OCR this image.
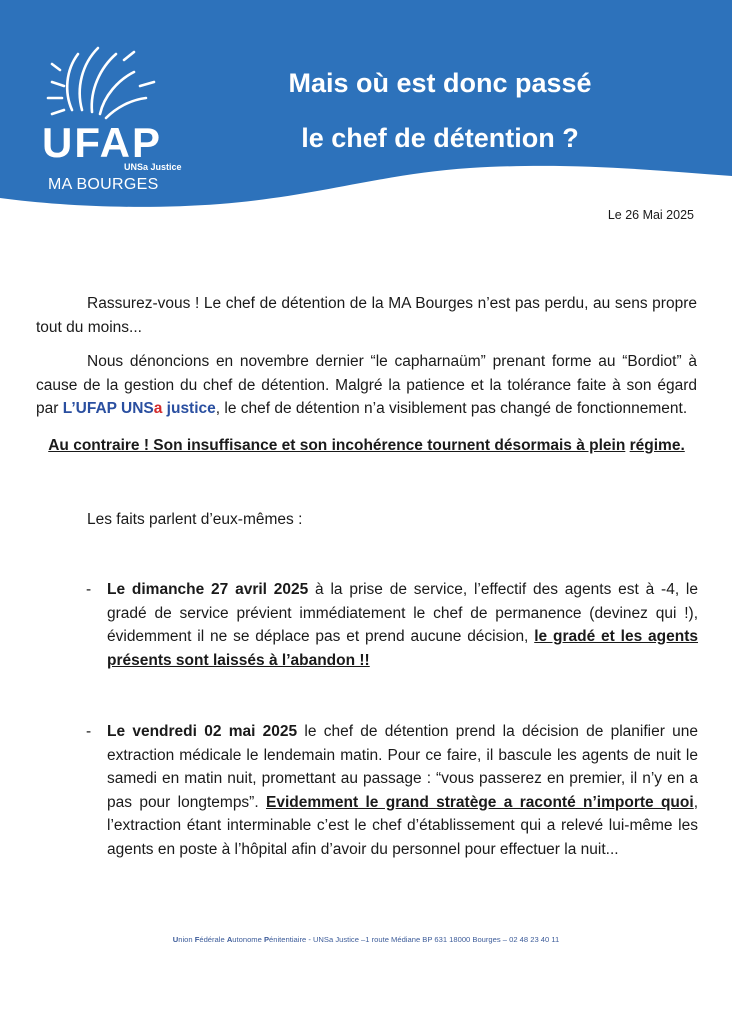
UFAP
UNSa Justice
MA BOURGES
Mais où est donc passé
le chef de détention ?
Le 26 Mai 2025

Rassurez-vous ! Le chef de détention de la MA Bourges n’est pas perdu, au sens propre tout du moins...

Nous dénoncions en novembre dernier “le capharnaüm” prenant forme au “Bordiot” à cause de la gestion du chef de détention. Malgré la patience et la tolérance faite à son égard par L’UFAP UNSa justice, le chef de détention n’a visiblement pas changé de fonctionnement.

Au contraire ! Son insuffisance et son incohérence tournent désormais à plein régime.

Les faits parlent d’eux-mêmes :

- Le dimanche 27 avril 2025 à la prise de service, l’effectif des agents est à -4, le gradé de service prévient immédiatement le chef de permanence (devinez qui !), évidemment il ne se déplace pas et prend aucune décision, le gradé et les agents présents sont laissés à l’abandon !!
- Le vendredi 02 mai 2025 le chef de détention prend la décision de planifier une extraction médicale le lendemain matin. Pour ce faire, il bascule les agents de nuit le samedi en matin nuit, promettant au passage : “vous passerez en premier, il n’y en a pas pour longtemps”. Evidemment le grand stratège a raconté n’importe quoi, l’extraction étant interminable c’est le chef d’établissement qui a relevé lui-même les agents en poste à l’hôpital afin d’avoir du personnel pour effectuer la nuit...
Union Fédérale Autonome Pénitentiaire - UNSa Justice –1 route Médiane BP 631 18000 Bourges – 02 48 23 40 11
